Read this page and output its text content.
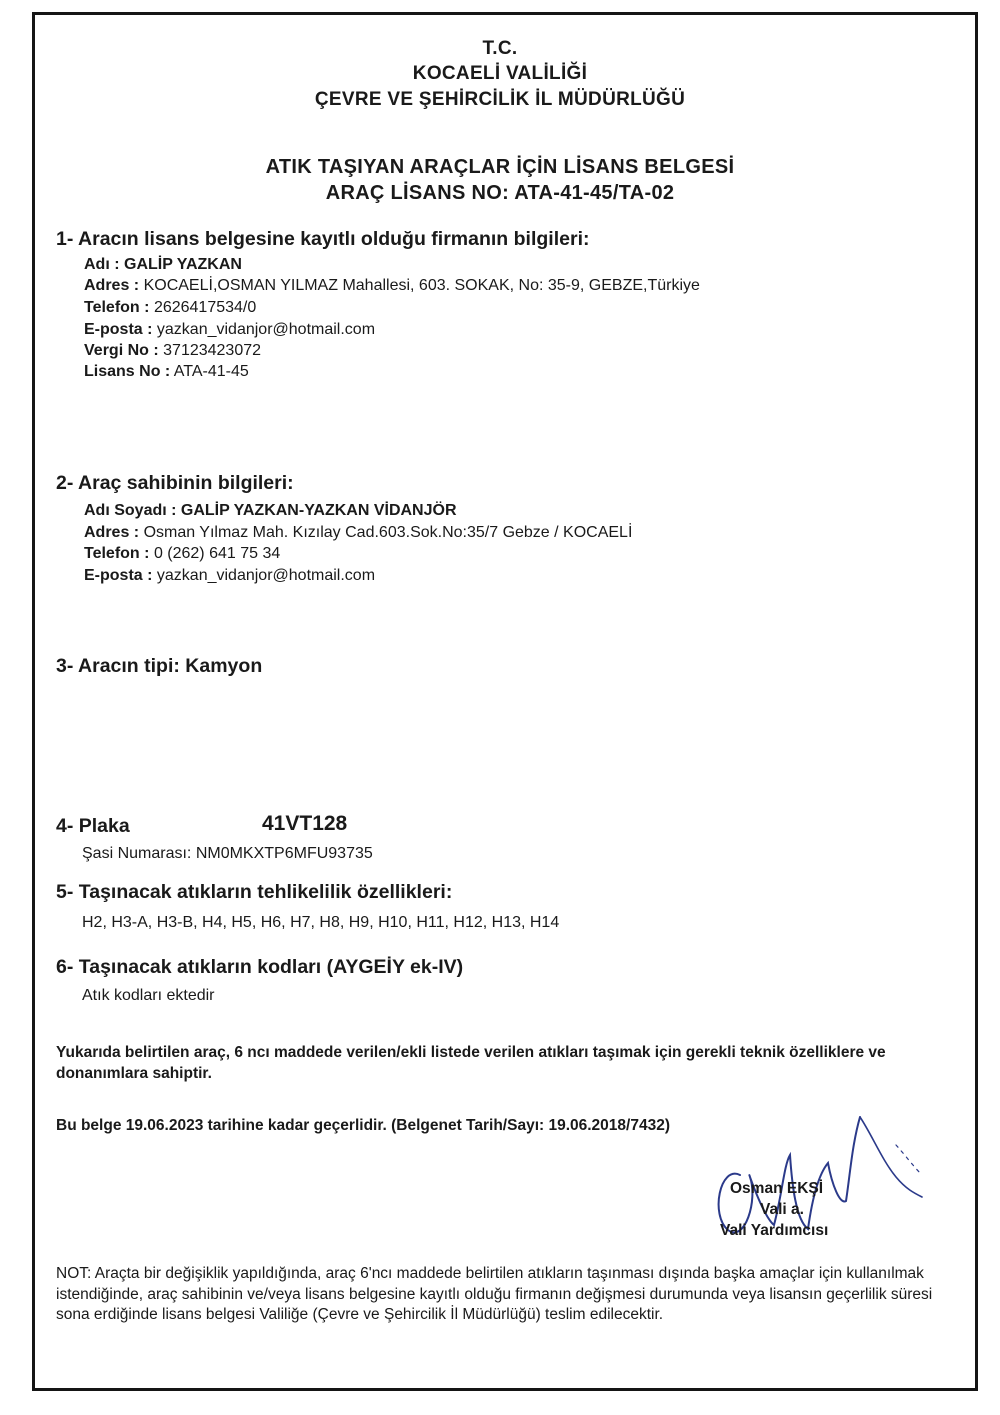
T.C.
KOCAELİ VALİLİĞİ
ÇEVRE VE ŞEHİRCİLİK İL MÜDÜRLÜĞÜ
ATIK TAŞIYAN ARAÇLAR İÇİN LİSANS BELGESİ
ARAÇ LİSANS NO: ATA-41-45/TA-02
1- Aracın lisans belgesine kayıtlı olduğu firmanın bilgileri:
Adı : GALİP YAZKAN
Adres : KOCAELİ,OSMAN YILMAZ Mahallesi, 603. SOKAK, No: 35-9, GEBZE,Türkiye
Telefon : 2626417534/0
E-posta : yazkan_vidanjor@hotmail.com
Vergi No : 37123423072
Lisans No : ATA-41-45
2- Araç sahibinin bilgileri:
Adı Soyadı : GALİP YAZKAN-YAZKAN VİDANJÖR
Adres : Osman Yılmaz Mah. Kızılay Cad.603.Sok.No:35/7 Gebze / KOCAELİ
Telefon : 0 (262) 641 75 34
E-posta : yazkan_vidanjor@hotmail.com
3- Aracın tipi: Kamyon
4- Plaka	41VT128
Şasi Numarası: NM0MKXTP6MFU93735
5- Taşınacak atıkların tehlikelilik özellikleri:
H2, H3-A, H3-B, H4, H5, H6, H7, H8, H9, H10, H11, H12, H13, H14
6- Taşınacak atıkların kodları (AYGEİY ek-IV)
Atık kodları ektedir
Yukarıda belirtilen araç, 6 ncı maddede verilen/ekli listede verilen atıkları taşımak için gerekli teknik özelliklere ve donanımlara sahiptir.
Bu belge 19.06.2023 tarihine kadar geçerlidir. (Belgenet Tarih/Sayı: 19.06.2018/7432)
Osman EKŞİ
Vali a.
Vali Yardımcısı
NOT: Araçta bir değişiklik yapıldığında, araç 6'ncı maddede belirtilen atıkların taşınması dışında başka amaçlar için kullanılmak istendiğinde, araç sahibinin ve/veya lisans belgesine kayıtlı olduğu firmanın değişmesi durumunda veya lisansın geçerlilik süresi sona erdiğinde lisans belgesi Valiliğe (Çevre ve Şehircilik İl Müdürlüğü) teslim edilecektir.
